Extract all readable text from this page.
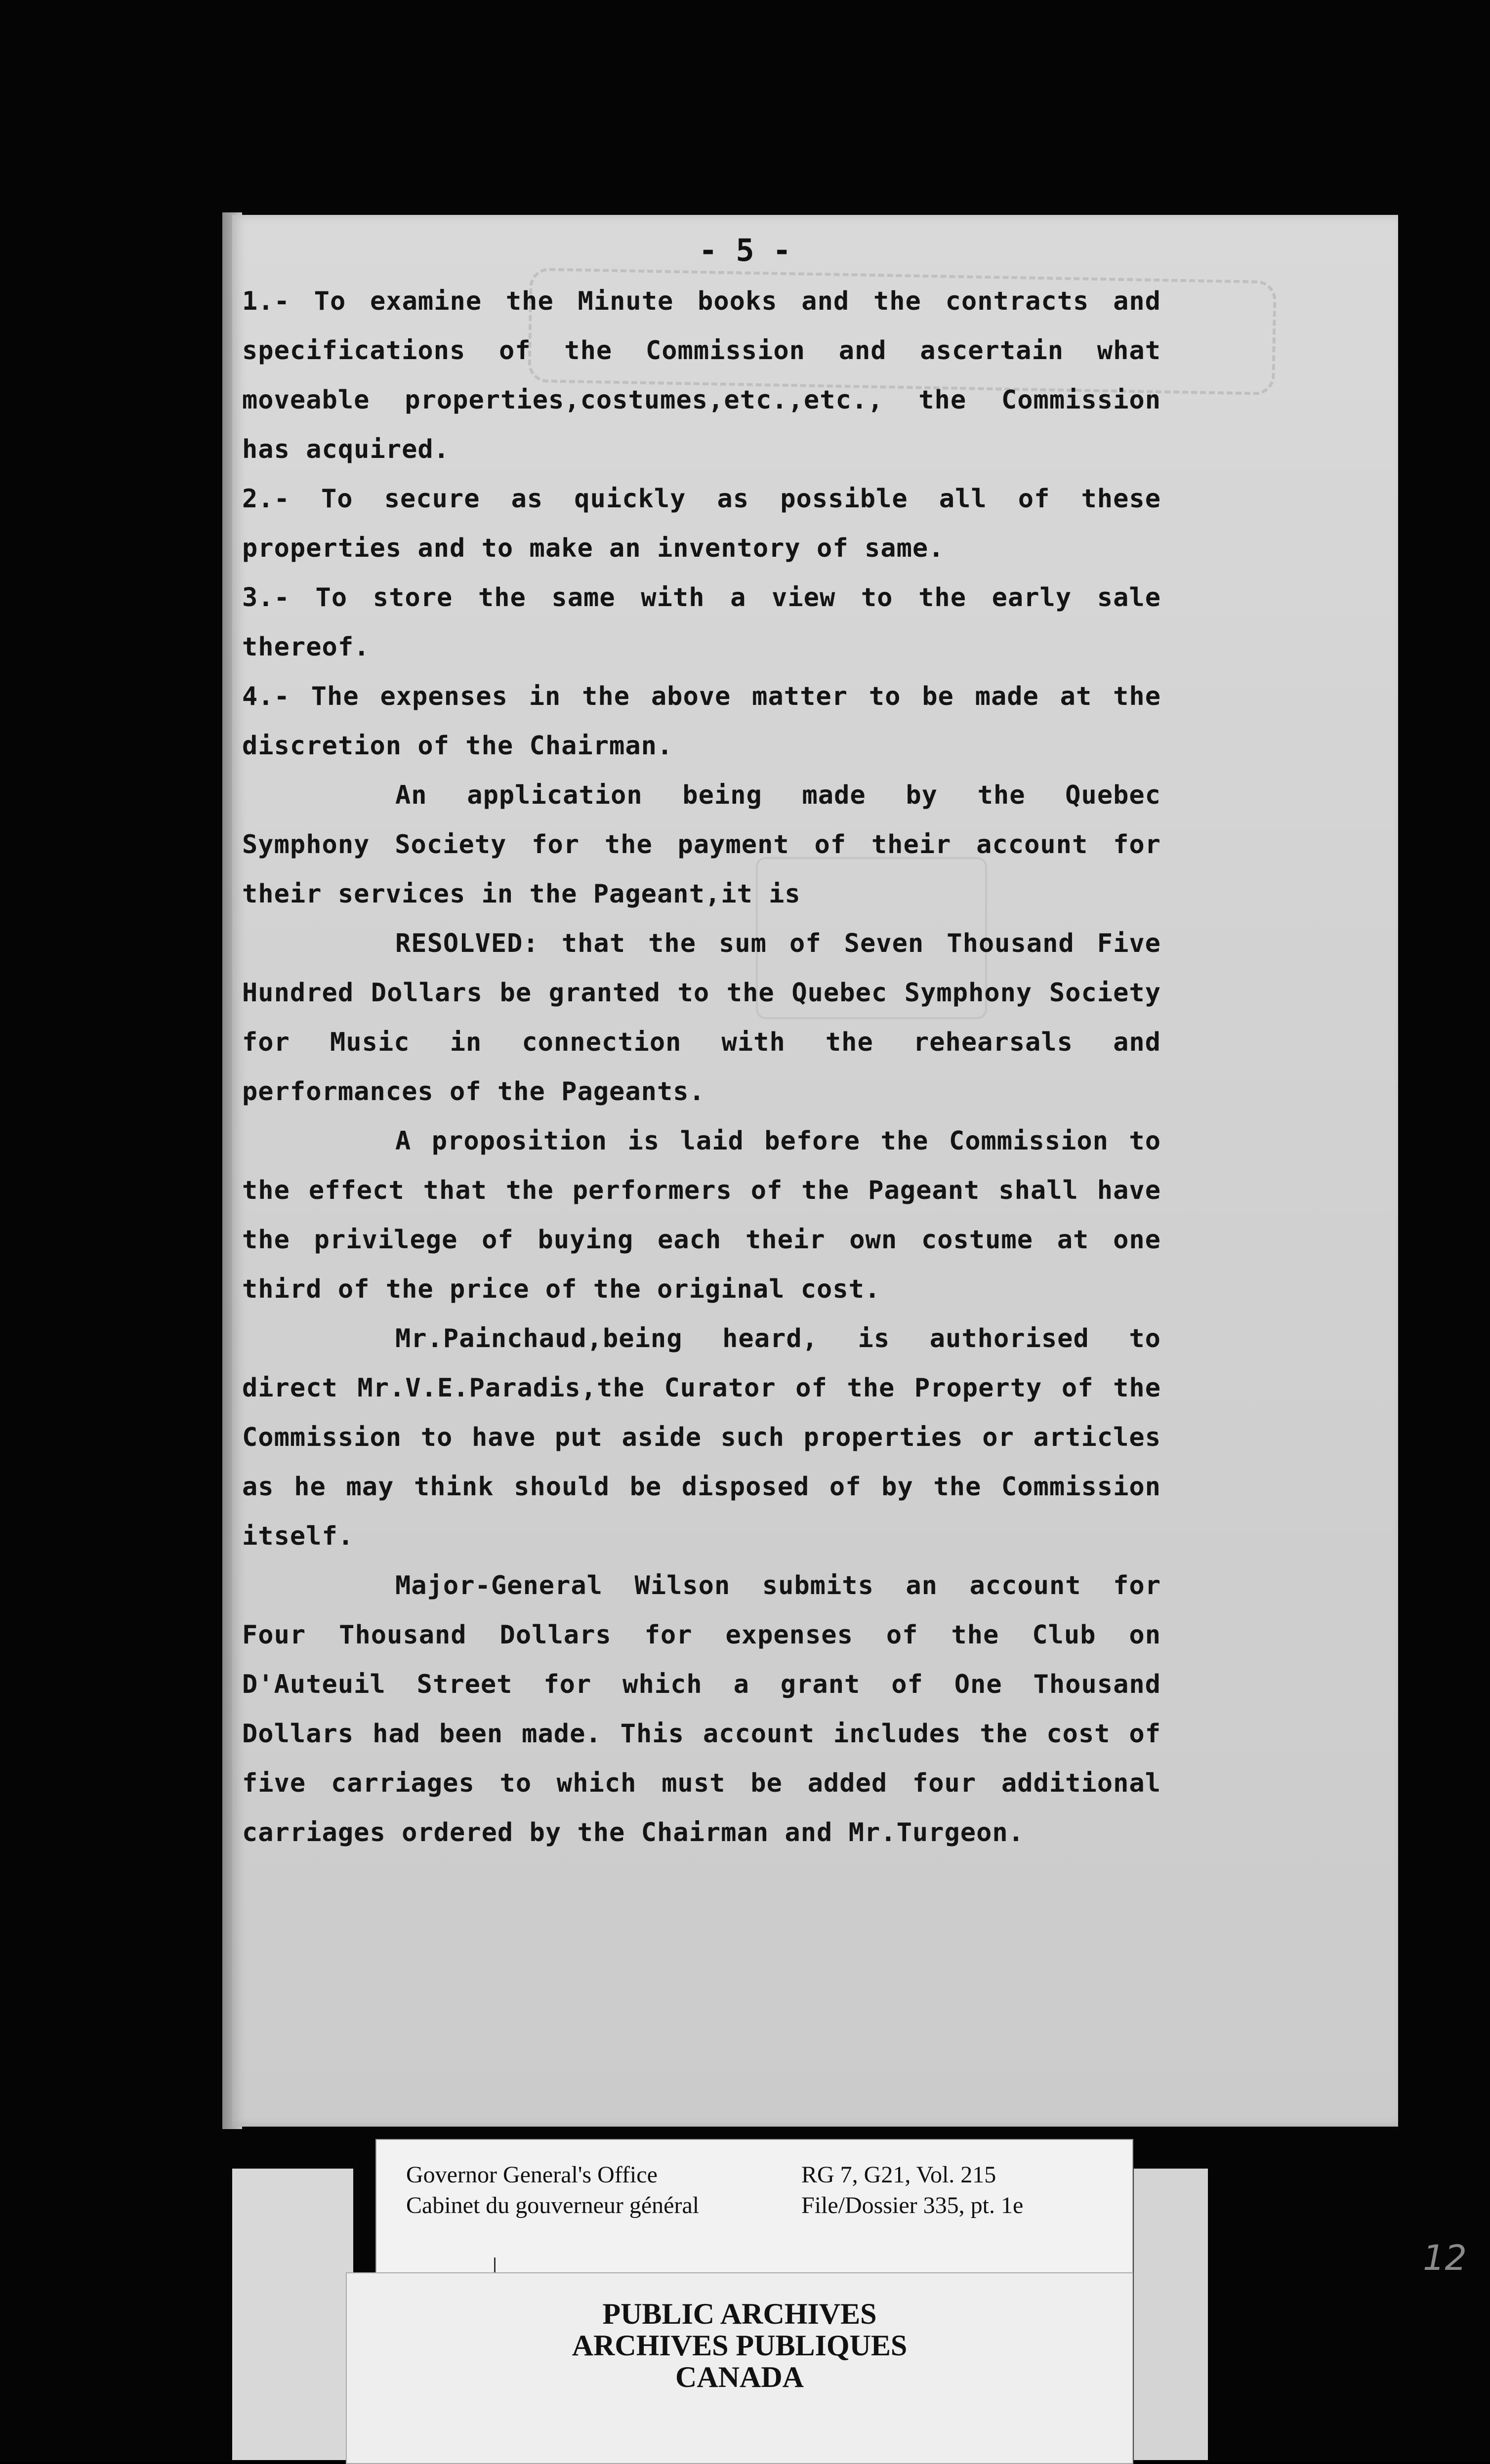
- 5 -

1.- To examine the Minute books and the contracts and specifications of the Commission and ascertain what moveable properties,costumes,etc.,etc., the Commission has acquired.

2.- To secure as quickly as possible all of these properties and to make an inventory of same.

3.- To store the same with a view to the early sale thereof.

4.- The expenses in the above matter to be made at the discretion of the Chairman.

An application being made by the Quebec Symphony Society for the payment of their account for their services in the Pageant,it is

RESOLVED: that the sum of Seven Thousand Five Hundred Dollars be granted to the Quebec Symphony Society for Music in connection with the rehearsals and performances of the Pageants.

A proposition is laid before the Commission to the effect that the performers of the Pageant shall have the privilege of buying each their own costume at one third of the price of the original cost.

Mr.Painchaud,being heard, is authorised to direct Mr.V.E.Paradis,the Curator of the Property of the Commission to have put aside such properties or articles as he may think should be disposed of by the Commission itself.

Major-General Wilson submits an account for Four Thousand Dollars for expenses of the Club on D'Auteuil Street for which a grant of One Thousand Dollars had been made. This account includes the cost of five carriages to which must be added four additional carriages ordered by the Chairman and Mr.Turgeon.

Governor General's Office
Cabinet du gouverneur général
RG 7, G21, Vol. 215
File/Dossier 335, pt. 1e
PUBLIC ARCHIVES
ARCHIVES PUBLIQUES
CANADA
12
